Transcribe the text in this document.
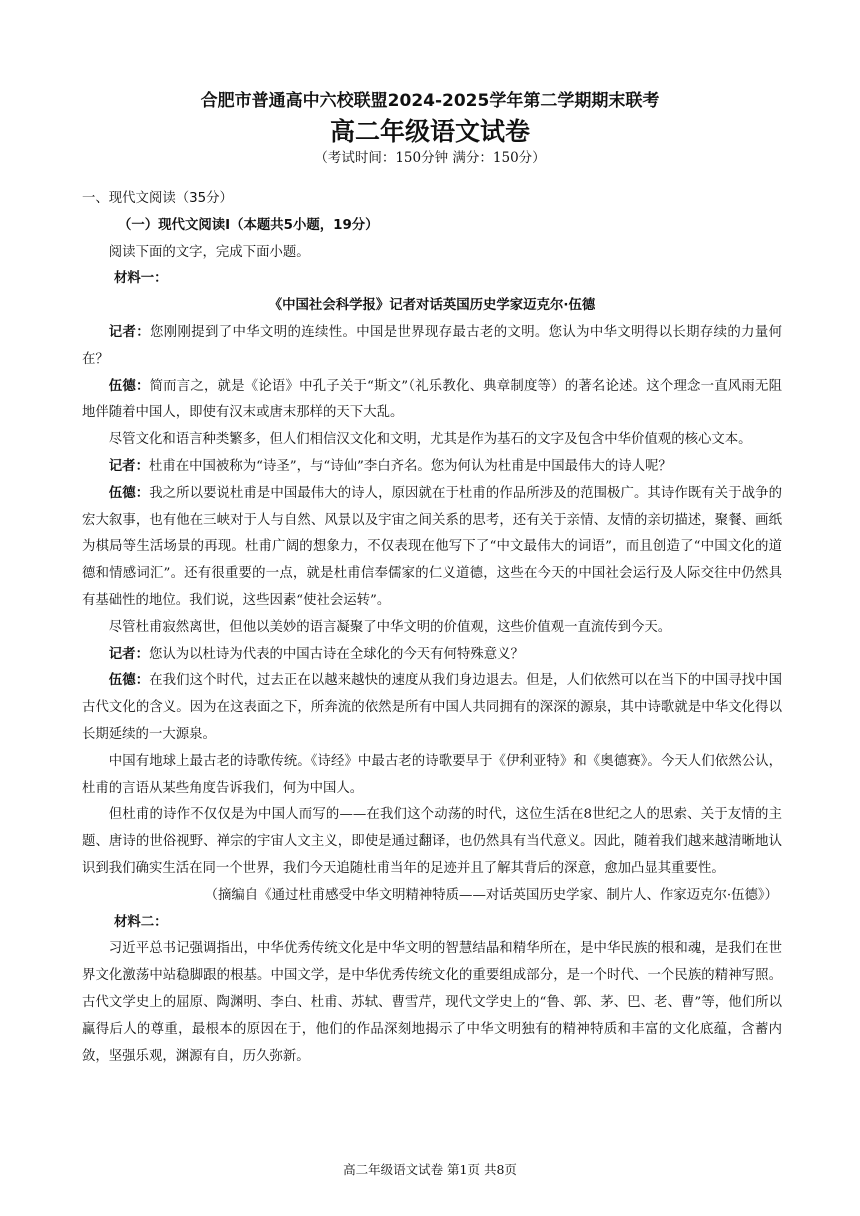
合肥市普通高中六校联盟2024-2025学年第二学期期末联考
高二年级语文试卷
（考试时间：150分钟 满分：150分）

一、现代文阅读（35分）

（一）现代文阅读Ⅰ（本题共5小题，19分）

阅读下面的文字，完成下面小题。

材料一：

《中国社会科学报》记者对话英国历史学家迈克尔·伍德

记者：您刚刚提到了中华文明的连续性。中国是世界现存最古老的文明。您认为中华文明得以长期存续的力量何在？

伍德：简而言之，就是《论语》中孔子关于“斯文”（礼乐教化、典章制度等）的著名论述。这个理念一直风雨无阻地伴随着中国人，即使有汉末或唐末那样的天下大乱。

尽管文化和语言种类繁多，但人们相信汉文化和文明，尤其是作为基石的文字及包含中华价值观的核心文本。

记者：杜甫在中国被称为“诗圣”，与“诗仙”李白齐名。您为何认为杜甫是中国最伟大的诗人呢？

伍德：我之所以要说杜甫是中国最伟大的诗人，原因就在于杜甫的作品所涉及的范围极广。其诗作既有关于战争的宏大叙事，也有他在三峡对于人与自然、风景以及宇宙之间关系的思考，还有关于亲情、友情的亲切描述，聚餐、画纸为棋局等生活场景的再现。杜甫广阔的想象力，不仅表现在他写下了“中文最伟大的词语”，而且创造了“中国文化的道德和情感词汇”。还有很重要的一点，就是杜甫信奉儒家的仁义道德，这些在今天的中国社会运行及人际交往中仍然具有基础性的地位。我们说，这些因素“使社会运转”。

尽管杜甫寂然离世，但他以美妙的语言凝聚了中华文明的价值观，这些价值观一直流传到今天。

记者：您认为以杜诗为代表的中国古诗在全球化的今天有何特殊意义？

伍德：在我们这个时代，过去正在以越来越快的速度从我们身边退去。但是，人们依然可以在当下的中国寻找中国古代文化的含义。因为在这表面之下，所奔流的依然是所有中国人共同拥有的深深的源泉，其中诗歌就是中华文化得以长期延续的一大源泉。

中国有地球上最古老的诗歌传统。《诗经》中最古老的诗歌要早于《伊利亚特》和《奥德赛》。今天人们依然公认，杜甫的言语从某些角度告诉我们，何为中国人。

但杜甫的诗作不仅仅是为中国人而写的——在我们这个动荡的时代，这位生活在8世纪之人的思索、关于友情的主题、唐诗的世俗视野、禅宗的宇宙人文主义，即使是通过翻译，也仍然具有当代意义。因此，随着我们越来越清晰地认识到我们确实生活在同一个世界，我们今天追随杜甫当年的足迹并且了解其背后的深意，愈加凸显其重要性。

（摘编自《通过杜甫感受中华文明精神特质——对话英国历史学家、制片人、作家迈克尔·伍德》）

材料二：

习近平总书记强调指出，中华优秀传统文化是中华文明的智慧结晶和精华所在，是中华民族的根和魂，是我们在世界文化激荡中站稳脚跟的根基。中国文学，是中华优秀传统文化的重要组成部分，是一个时代、一个民族的精神写照。古代文学史上的屈原、陶渊明、李白、杜甫、苏轼、曹雪芹，现代文学史上的“鲁、郭、茅、巴、老、曹”等，他们所以赢得后人的尊重，最根本的原因在于，他们的作品深刻地揭示了中华文明独有的精神特质和丰富的文化底蕴，含蓄内敛，坚强乐观，渊源有自，历久弥新。

高二年级语文试卷 第1页 共8页
